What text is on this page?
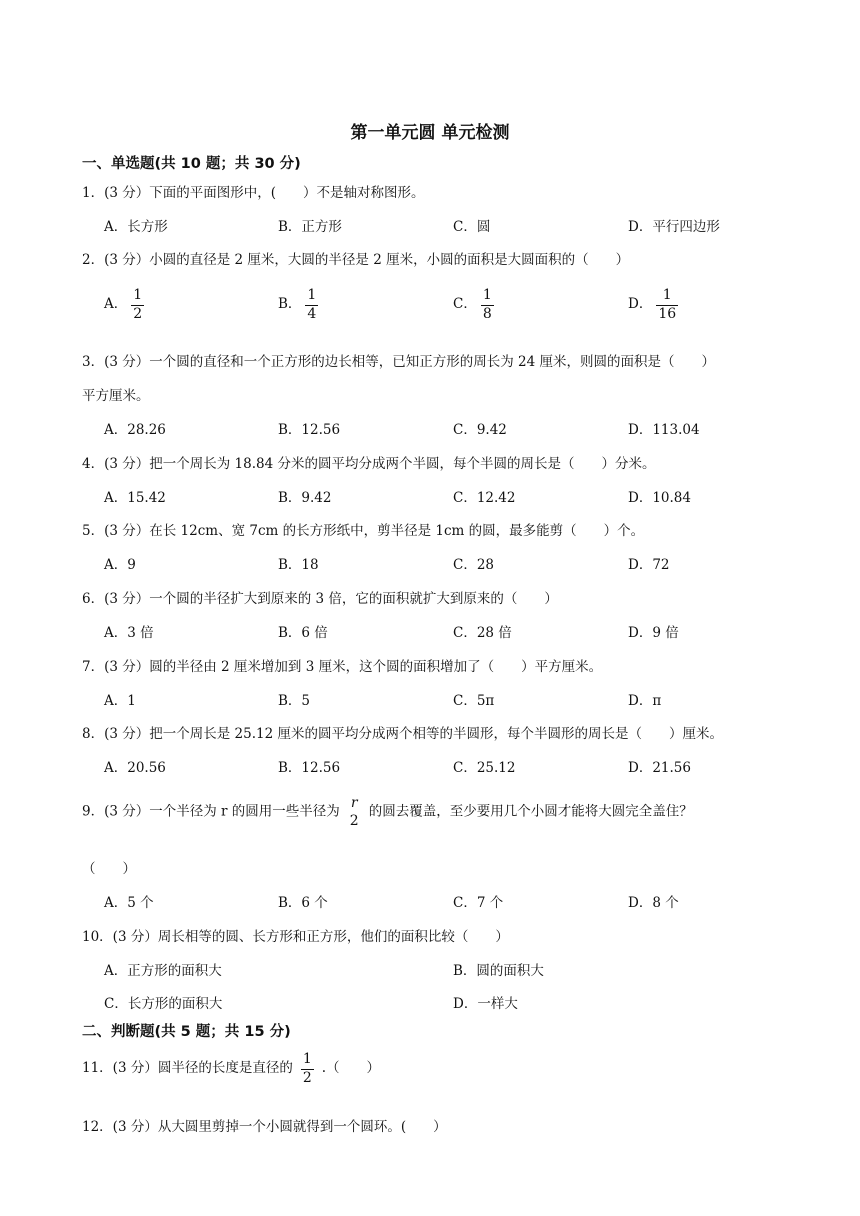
第一单元圆 单元检测
一、单选题(共 10 题；共 30 分)
1．(3 分）下面的平面图形中，(　　）不是轴对称图形。
A．长方形	B．正方形	C．圆	D．平行四边形
2．(3 分）小圆的直径是 2 厘米，大圆的半径是 2 厘米，小圆的面积是大圆面积的（　　）
A． $\frac{1}{2}$	B． $\frac{1}{4}$	C． $\frac{1}{8}$	D． $\frac{1}{16}$
3．(3 分）一个圆的直径和一个正方形的边长相等，已知正方形的周长为 24 厘米，则圆的面积是（　　）
平方厘米。
A．28.26	B．12.56	C．9.42	D．113.04
4．(3 分）把一个周长为 18.84 分米的圆平均分成两个半圆，每个半圆的周长是（　　）分米。
A．15.42	B．9.42	C．12.42	D．10.84
5．(3 分）在长 12cm、宽 7cm 的长方形纸中，剪半径是 1cm 的圆，最多能剪（　　）个。
A．9	B．18	C．28	D．72
6．(3 分）一个圆的半径扩大到原来的 3 倍，它的面积就扩大到原来的（　　）
A．3 倍	B．6 倍	C．28 倍	D．9 倍
7．(3 分）圆的半径由 2 厘米增加到 3 厘米，这个圆的面积增加了（　　）平方厘米。
A．1	B．5	C．5π	D．π
8．(3 分）把一个周长是 25.12 厘米的圆平均分成两个相等的半圆形，每个半圆形的周长是（　　）厘米。
A．20.56	B．12.56	C．25.12	D．21.56
9．(3 分）一个半径为 r 的圆用一些半径为
r
2
的圆去覆盖，至少要用几个小圆才能将大圆完全盖住？
（　　）
A．5 个	B．6 个	C．7 个	D．8 个
10．(3 分）周长相等的圆、长方形和正方形，他们的面积比较（　　）
A．正方形的面积大	B．圆的面积大
C．长方形的面积大	D．一样大
二、判断题(共 5 题；共 15 分)
11．(3 分）圆半径的长度是直径的 $\frac{1}{2}$ .（　　）
12．(3 分）从大圆里剪掉一个小圆就得到一个圆环。(　　）
